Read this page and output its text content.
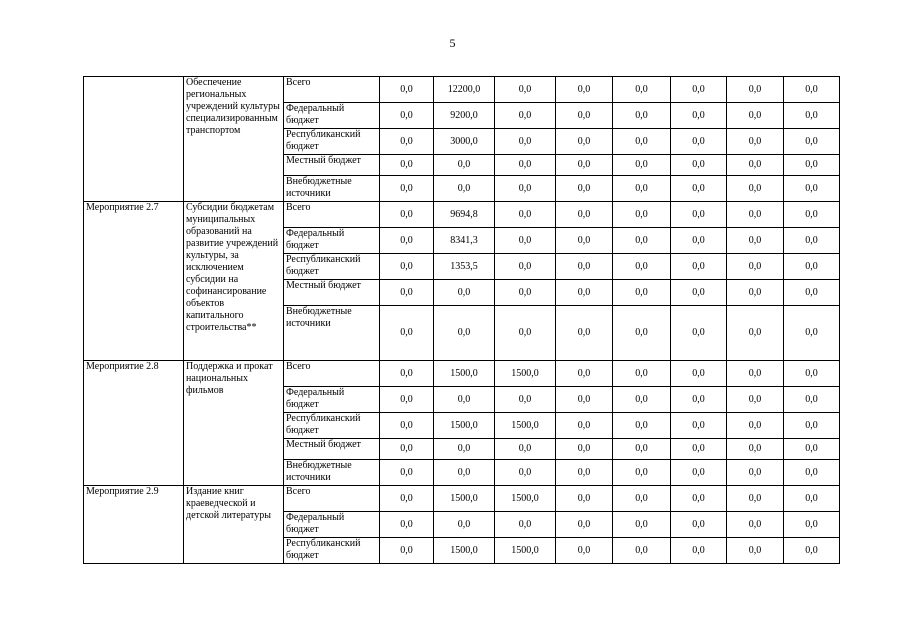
5
	Обеспечение региональных учреждений культуры специализированным транспортом	Всего	0,0	12200,0	0,0	0,0	0,0	0,0	0,0	0,0
		Федеральный бюджет	0,0	9200,0	0,0	0,0	0,0	0,0	0,0	0,0
		Республиканский бюджет	0,0	3000,0	0,0	0,0	0,0	0,0	0,0	0,0
		Местный бюджет	0,0	0,0	0,0	0,0	0,0	0,0	0,0	0,0
		Внебюджетные источники	0,0	0,0	0,0	0,0	0,0	0,0	0,0	0,0
Мероприятие 2.7	Субсидии бюджетам муниципальных образований на развитие учреждений культуры, за исключением субсидии на софинансирование объектов капитального строительства**	Всего	0,0	9694,8	0,0	0,0	0,0	0,0	0,0	0,0
		Федеральный бюджет	0,0	8341,3	0,0	0,0	0,0	0,0	0,0	0,0
		Республиканский бюджет	0,0	1353,5	0,0	0,0	0,0	0,0	0,0	0,0
		Местный бюджет	0,0	0,0	0,0	0,0	0,0	0,0	0,0	0,0
		Внебюджетные источники	0,0	0,0	0,0	0,0	0,0	0,0	0,0	0,0
Мероприятие 2.8	Поддержка и прокат национальных фильмов	Всего	0,0	1500,0	1500,0	0,0	0,0	0,0	0,0	0,0
		Федеральный бюджет	0,0	0,0	0,0	0,0	0,0	0,0	0,0	0,0
		Республиканский бюджет	0,0	1500,0	1500,0	0,0	0,0	0,0	0,0	0,0
		Местный бюджет	0,0	0,0	0,0	0,0	0,0	0,0	0,0	0,0
		Внебюджетные источники	0,0	0,0	0,0	0,0	0,0	0,0	0,0	0,0
Мероприятие 2.9	Издание книг краеведческой и детской литературы	Всего	0,0	1500,0	1500,0	0,0	0,0	0,0	0,0	0,0
		Федеральный бюджет	0,0	0,0	0,0	0,0	0,0	0,0	0,0	0,0
		Республиканский бюджет	0,0	1500,0	1500,0	0,0	0,0	0,0	0,0	0,0
